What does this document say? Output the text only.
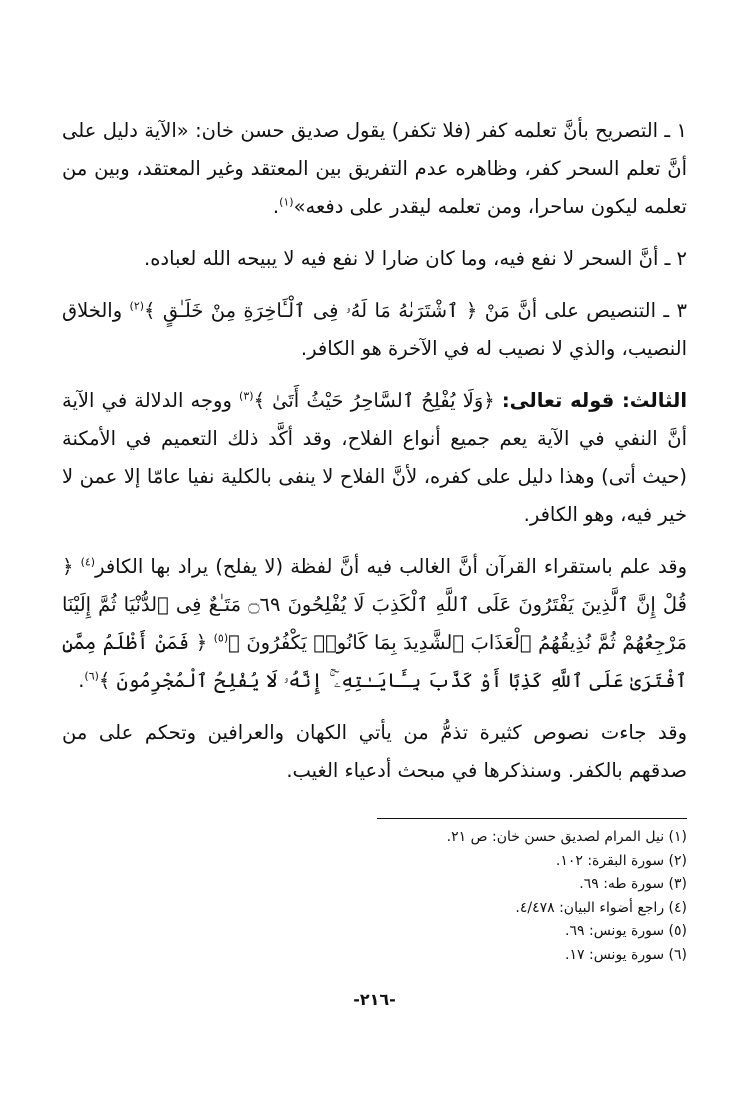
١ ـ التصريح بأنَّ تعلمه كفر (فلا تكفر) يقول صديق حسن خان: «الآية دليل على أنَّ تعلم السحر كفر، وظاهره عدم التفريق بين المعتقد وغير المعتقد، وبين من تعلمه ليكون ساحرا، ومن تعلمه ليقدر على دفعه»$^{(١)}$.

٢ ـ أنَّ السحر لا نفع فيه، وما كان ضارا لا نفع فيه لا يبيحه الله لعباده.

٣ ـ التنصيص على أنَّ مَنْ ﴿ ٱشْتَرَىٰهُ مَا لَهُۥ فِى ٱلْـَٔاخِرَةِ مِنْ خَلَـٰقٍ ﴾$^{(٢)}$ والخلاق النصيب، والذي لا نصيب له في الآخرة هو الكافر.

الثالث: قوله تعالى: ﴿وَلَا يُفْلِحُ ٱلسَّاحِرُ حَيْثُ أَتَىٰ ﴾$^{(٣)}$ ووجه الدلالة في الآية أنَّ النفي في الآية يعم جميع أنواع الفلاح، وقد أكَّد ذلك التعميم في الأمكنة (حيث أتى) وهذا دليل على كفره، لأنَّ الفلاح لا ينفى بالكلية نفيا عامّا إلا عمن لا خير فيه، وهو الكافر.

وقد علم باستقراء القرآن أنَّ الغالب فيه أنَّ لفظة (لا يفلح) يراد بها الكافر$^{(٤)}$ ﴿ قُلْ إِنَّ ٱلَّذِينَ يَفْتَرُونَ عَلَى ٱللَّهِ ٱلْكَذِبَ لَا يُفْلِحُونَ ۝٦٩ مَتَـٰعٌ فِى ٱلدُّنْيَا ثُمَّ إِلَيْنَا مَرْجِعُهُمْ ثُمَّ نُذِيقُهُمُ ٱلْعَذَابَ ٱلشَّدِيدَ بِمَا كَانُوا۟ يَكْفُرُونَ ﴾$^{(٥)}$ ﴿ فَمَنْ أَظْلَمُ مِمَّنِ ٱفْتَرَىٰ عَلَى ٱللَّهِ كَذِبًا أَوْ كَذَّبَ بِـَٔايَـٰتِهِۦٓ ۚ إِنَّهُۥ لَا يُفْلِحُ ٱلْمُجْرِمُونَ ﴾$^{(٦)}$.

وقد جاءت نصوص كثيرة تذمُّ من يأتي الكهان والعرافين وتحكم على من صدقهم بالكفر. وسنذكرها في مبحث أدعياء الغيب.

(١) نيل المرام لصديق حسن خان: ص ٢١.
(٢) سورة البقرة: ١٠٢.
(٣) سورة طه: ٦٩.
(٤) راجع أضواء البيان: ٤/٤٧٨.
(٥) سورة يونس: ٦٩.
(٦) سورة يونس: ١٧.
-٢١٦-
